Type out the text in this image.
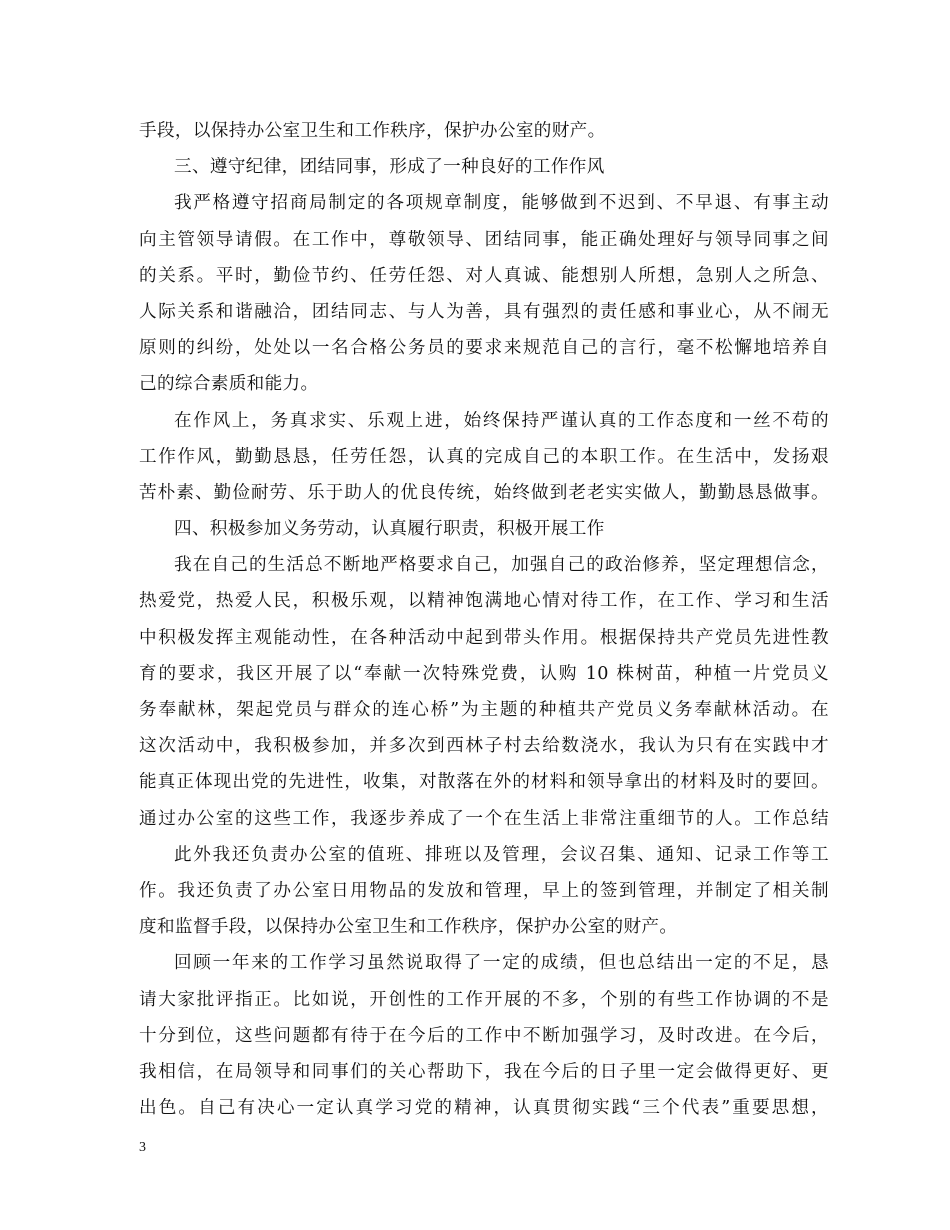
手段，以保持办公室卫生和工作秩序，保护办公室的财产。
三、遵守纪律，团结同事，形成了一种良好的工作作风
我严格遵守招商局制定的各项规章制度，能够做到不迟到、不早退、有事主动
向主管领导请假。在工作中，尊敬领导、团结同事，能正确处理好与领导同事之间
的关系。平时，勤俭节约、任劳任怨、对人真诚、能想别人所想，急别人之所急、
人际关系和谐融洽，团结同志、与人为善，具有强烈的责任感和事业心，从不闹无
原则的纠纷，处处以一名合格公务员的要求来规范自己的言行，毫不松懈地培养自
己的综合素质和能力。
在作风上，务真求实、乐观上进，始终保持严谨认真的工作态度和一丝不苟的
工作作风，勤勤恳恳，任劳任怨，认真的完成自己的本职工作。在生活中，发扬艰
苦朴素、勤俭耐劳、乐于助人的优良传统，始终做到老老实实做人，勤勤恳恳做事。
四、积极参加义务劳动，认真履行职责，积极开展工作
我在自己的生活总不断地严格要求自己，加强自己的政治修养，坚定理想信念，
热爱党，热爱人民，积极乐观，以精神饱满地心情对待工作，在工作、学习和生活
中积极发挥主观能动性，在各种活动中起到带头作用。根据保持共产党员先进性教
育的要求，我区开展了以“奉献一次特殊党费，认购 10 株树苗，种植一片党员义
务奉献林，架起党员与群众的连心桥”为主题的种植共产党员义务奉献林活动。在
这次活动中，我积极参加，并多次到西林子村去给数浇水，我认为只有在实践中才
能真正体现出党的先进性，收集，对散落在外的材料和领导拿出的材料及时的要回。
通过办公室的这些工作，我逐步养成了一个在生活上非常注重细节的人。工作总结
此外我还负责办公室的值班、排班以及管理，会议召集、通知、记录工作等工
作。我还负责了办公室日用物品的发放和管理，早上的签到管理，并制定了相关制
度和监督手段，以保持办公室卫生和工作秩序，保护办公室的财产。
回顾一年来的工作学习虽然说取得了一定的成绩，但也总结出一定的不足，恳
请大家批评指正。比如说，开创性的工作开展的不多，个别的有些工作协调的不是
十分到位，这些问题都有待于在今后的工作中不断加强学习，及时改进。在今后，
我相信，在局领导和同事们的关心帮助下，我在今后的日子里一定会做得更好、更
出色。自己有决心一定认真学习党的精神，认真贯彻实践“三个代表”重要思想，
3
